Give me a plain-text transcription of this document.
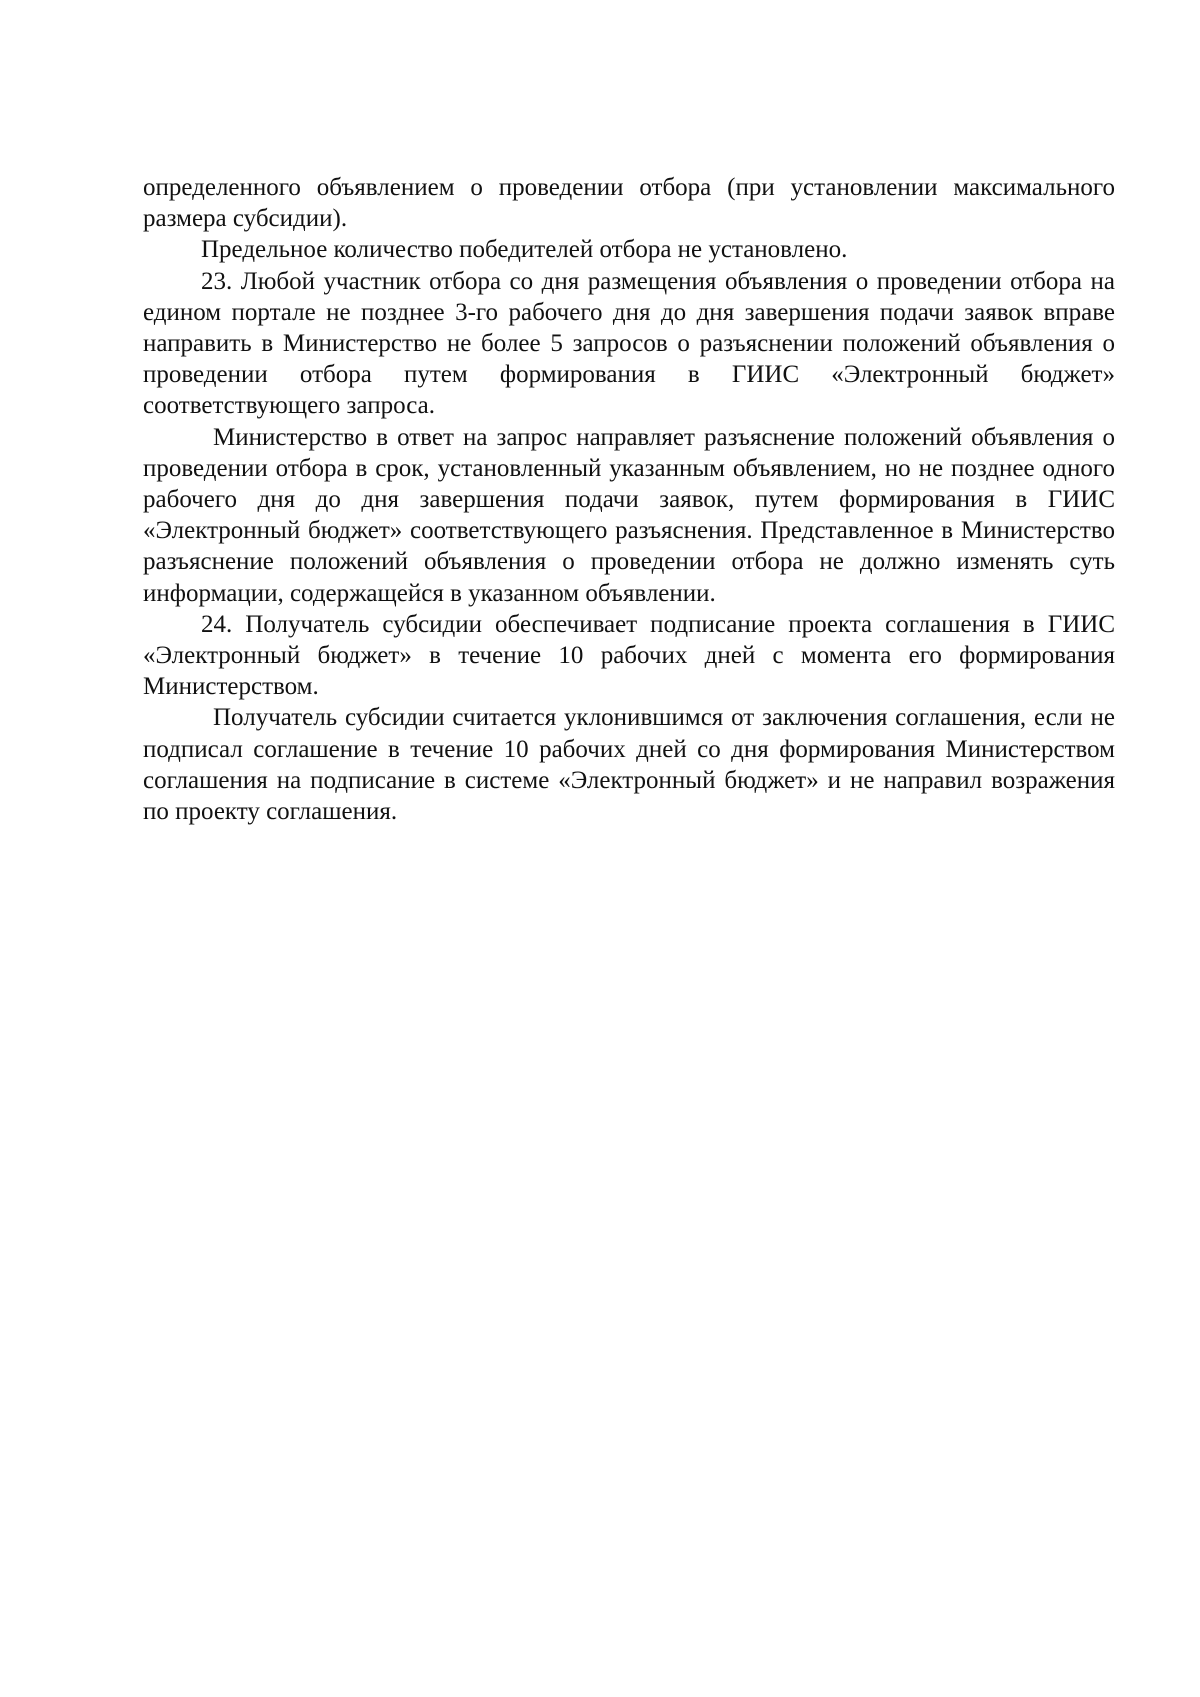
определенного объявлением о проведении отбора (при установлении максимального размера субсидии).

Предельное количество победителей отбора не установлено.

23. Любой участник отбора со дня размещения объявления о проведении отбора на едином портале не позднее 3-го рабочего дня до дня завершения подачи заявок вправе направить в Министерство не более 5 запросов о разъяснении положений объявления о проведении отбора путем формирования в ГИИС «Электронный бюджет» соответствующего запроса.

Министерство в ответ на запрос направляет разъяснение положений объявления о проведении отбора в срок, установленный указанным объявлением, но не позднее одного рабочего дня до дня завершения подачи заявок, путем формирования в ГИИС «Электронный бюджет» соответствующего разъяснения. Представленное в Министерство разъяснение положений объявления о проведении отбора не должно изменять суть информации, содержащейся в указанном объявлении.

24. Получатель субсидии обеспечивает подписание проекта соглашения в ГИИС «Электронный бюджет» в течение 10 рабочих дней с момента его формирования Министерством.

Получатель субсидии считается уклонившимся от заключения соглашения, если не подписал соглашение в течение 10 рабочих дней со дня формирования Министерством соглашения на подписание в системе «Электронный бюджет» и не направил возражения по проекту соглашения.
